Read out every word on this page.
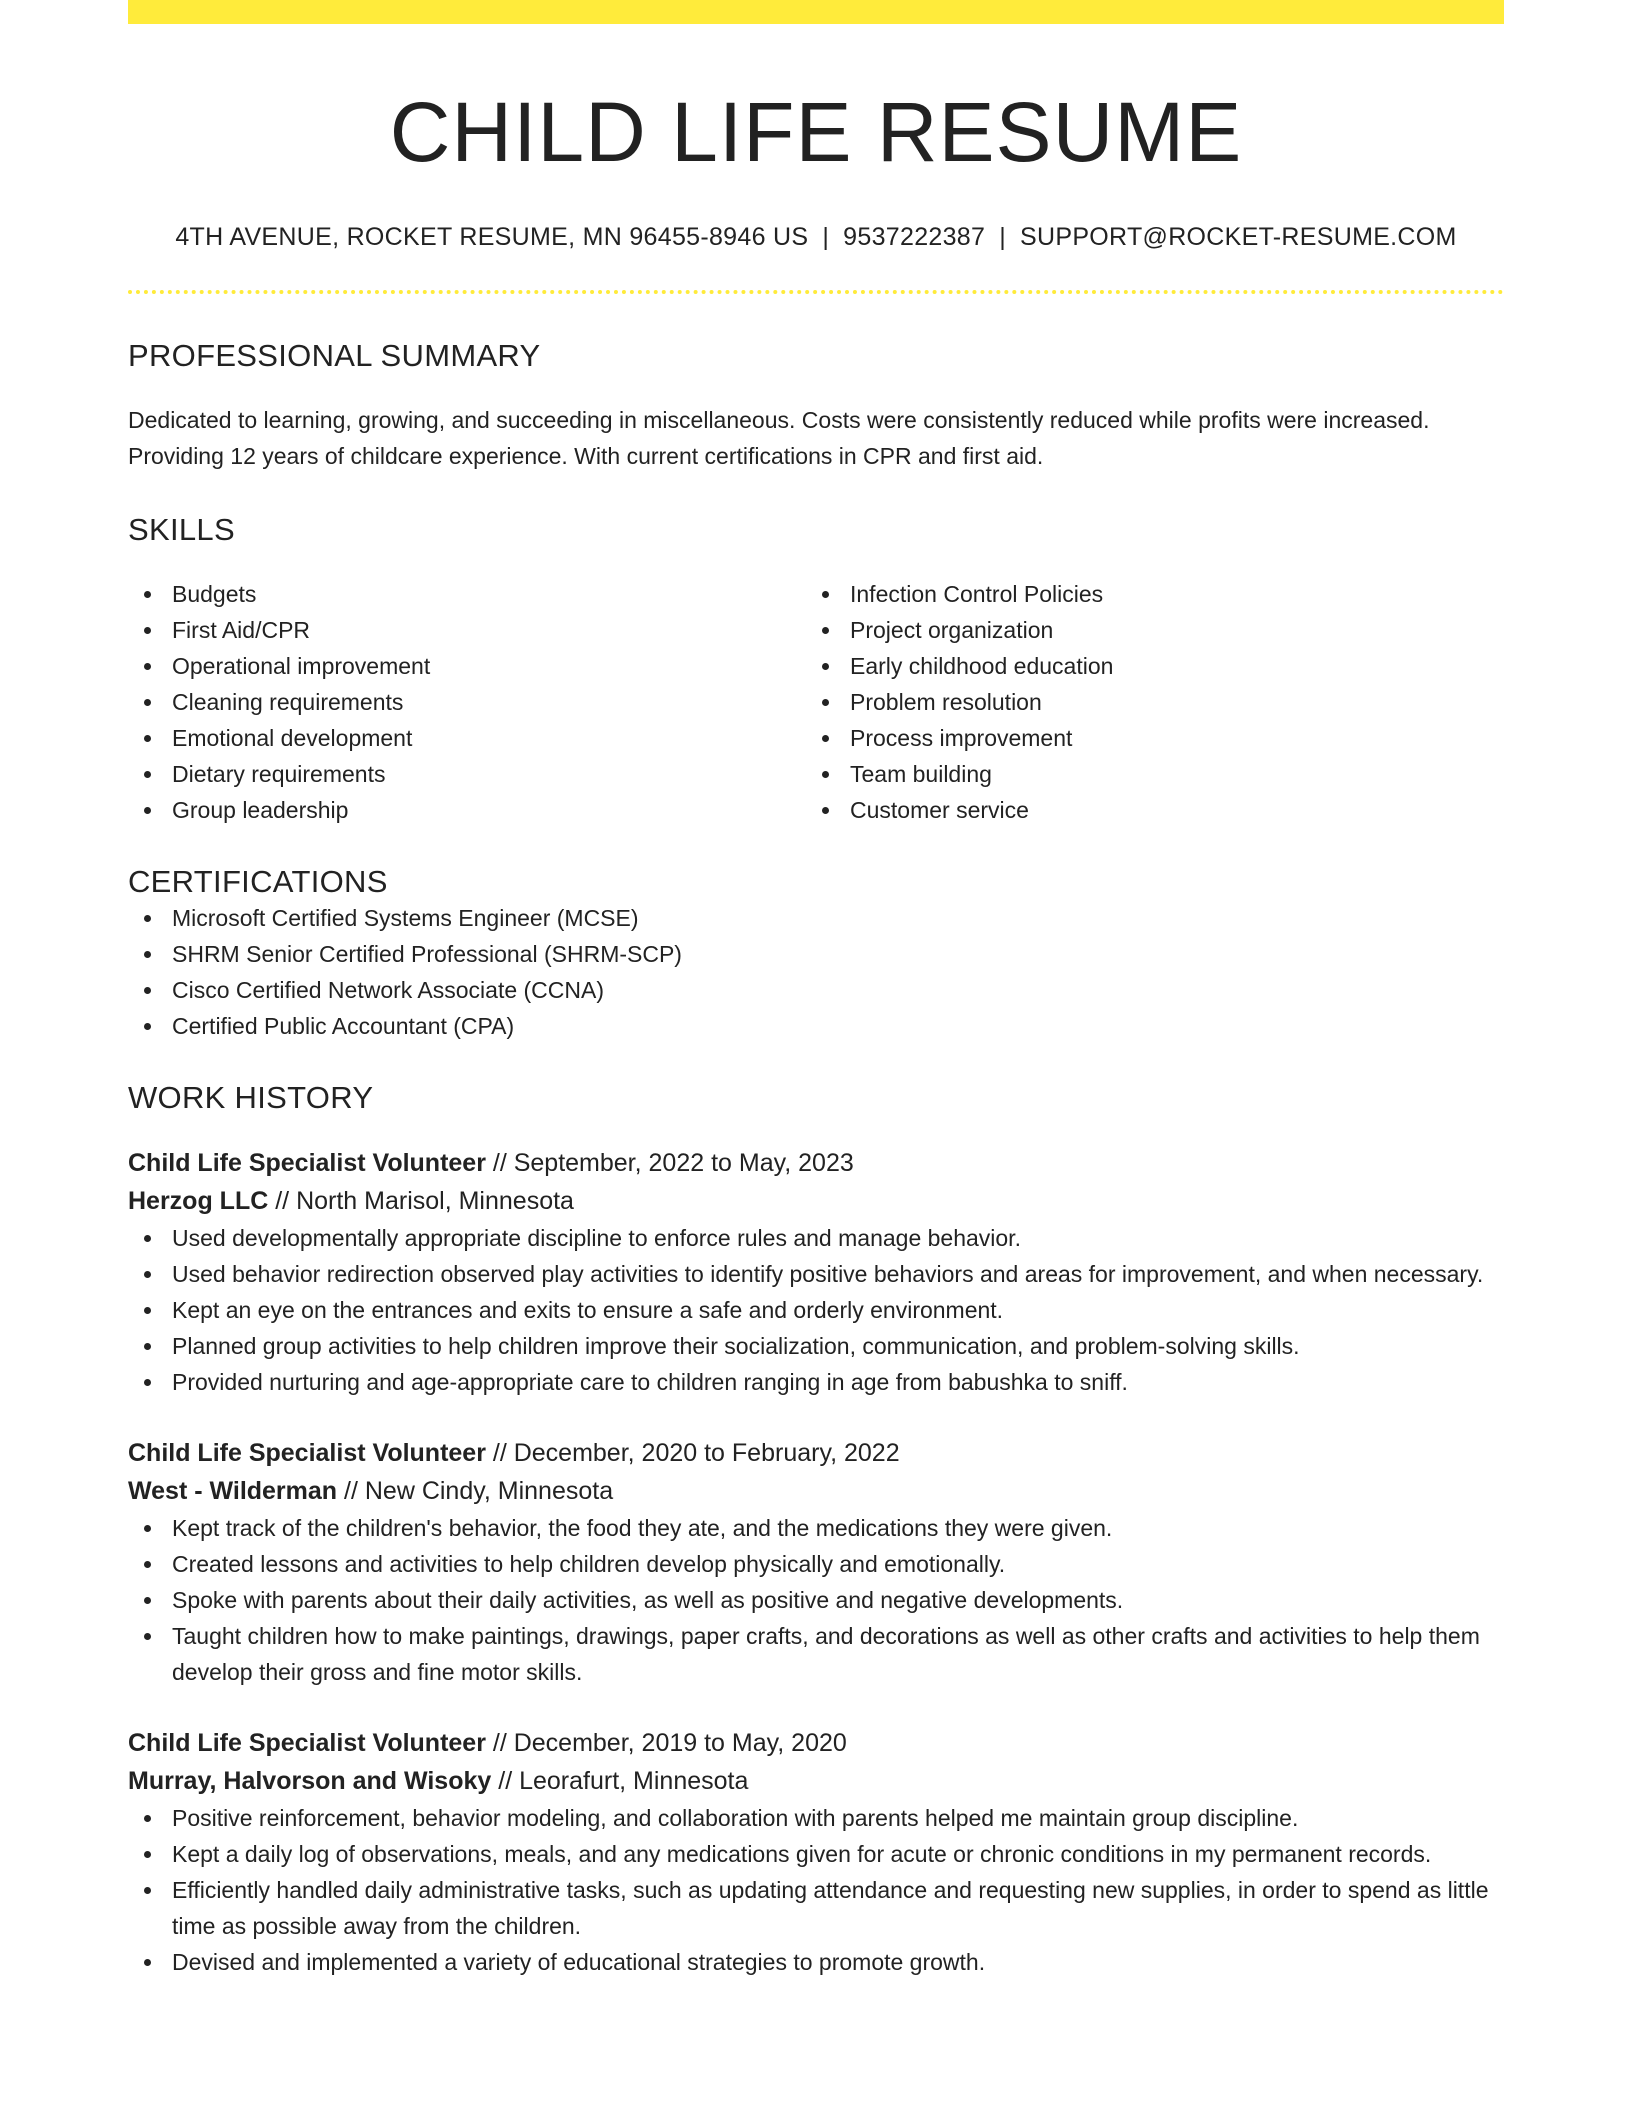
CHILD LIFE RESUME
4TH AVENUE, ROCKET RESUME, MN 96455-8946 US | 9537222387 | SUPPORT@ROCKET-RESUME.COM
PROFESSIONAL SUMMARY

Dedicated to learning, growing, and succeeding in miscellaneous. Costs were consistently reduced while profits were increased. Providing 12 years of childcare experience. With current certifications in CPR and first aid.

SKILLS
Budgets
First Aid/CPR
Operational improvement
Cleaning requirements
Emotional development
Dietary requirements
Group leadership
Infection Control Policies
Project organization
Early childhood education
Problem resolution
Process improvement
Team building
Customer service
CERTIFICATIONS
Microsoft Certified Systems Engineer (MCSE)
SHRM Senior Certified Professional (SHRM-SCP)
Cisco Certified Network Associate (CCNA)
Certified Public Accountant (CPA)
WORK HISTORY
Child Life Specialist Volunteer // September, 2022 to May, 2023
Herzog LLC // North Marisol, Minnesota
Used developmentally appropriate discipline to enforce rules and manage behavior.
Used behavior redirection observed play activities to identify positive behaviors and areas for improvement, and when necessary.
Kept an eye on the entrances and exits to ensure a safe and orderly environment.
Planned group activities to help children improve their socialization, communication, and problem-solving skills.
Provided nurturing and age-appropriate care to children ranging in age from babushka to sniff.
Child Life Specialist Volunteer // December, 2020 to February, 2022
West - Wilderman // New Cindy, Minnesota
Kept track of the children's behavior, the food they ate, and the medications they were given.
Created lessons and activities to help children develop physically and emotionally.
Spoke with parents about their daily activities, as well as positive and negative developments.
Taught children how to make paintings, drawings, paper crafts, and decorations as well as other crafts and activities to help them develop their gross and fine motor skills.
Child Life Specialist Volunteer // December, 2019 to May, 2020
Murray, Halvorson and Wisoky // Leorafurt, Minnesota
Positive reinforcement, behavior modeling, and collaboration with parents helped me maintain group discipline.
Kept a daily log of observations, meals, and any medications given for acute or chronic conditions in my permanent records.
Efficiently handled daily administrative tasks, such as updating attendance and requesting new supplies, in order to spend as little time as possible away from the children.
Devised and implemented a variety of educational strategies to promote growth.
